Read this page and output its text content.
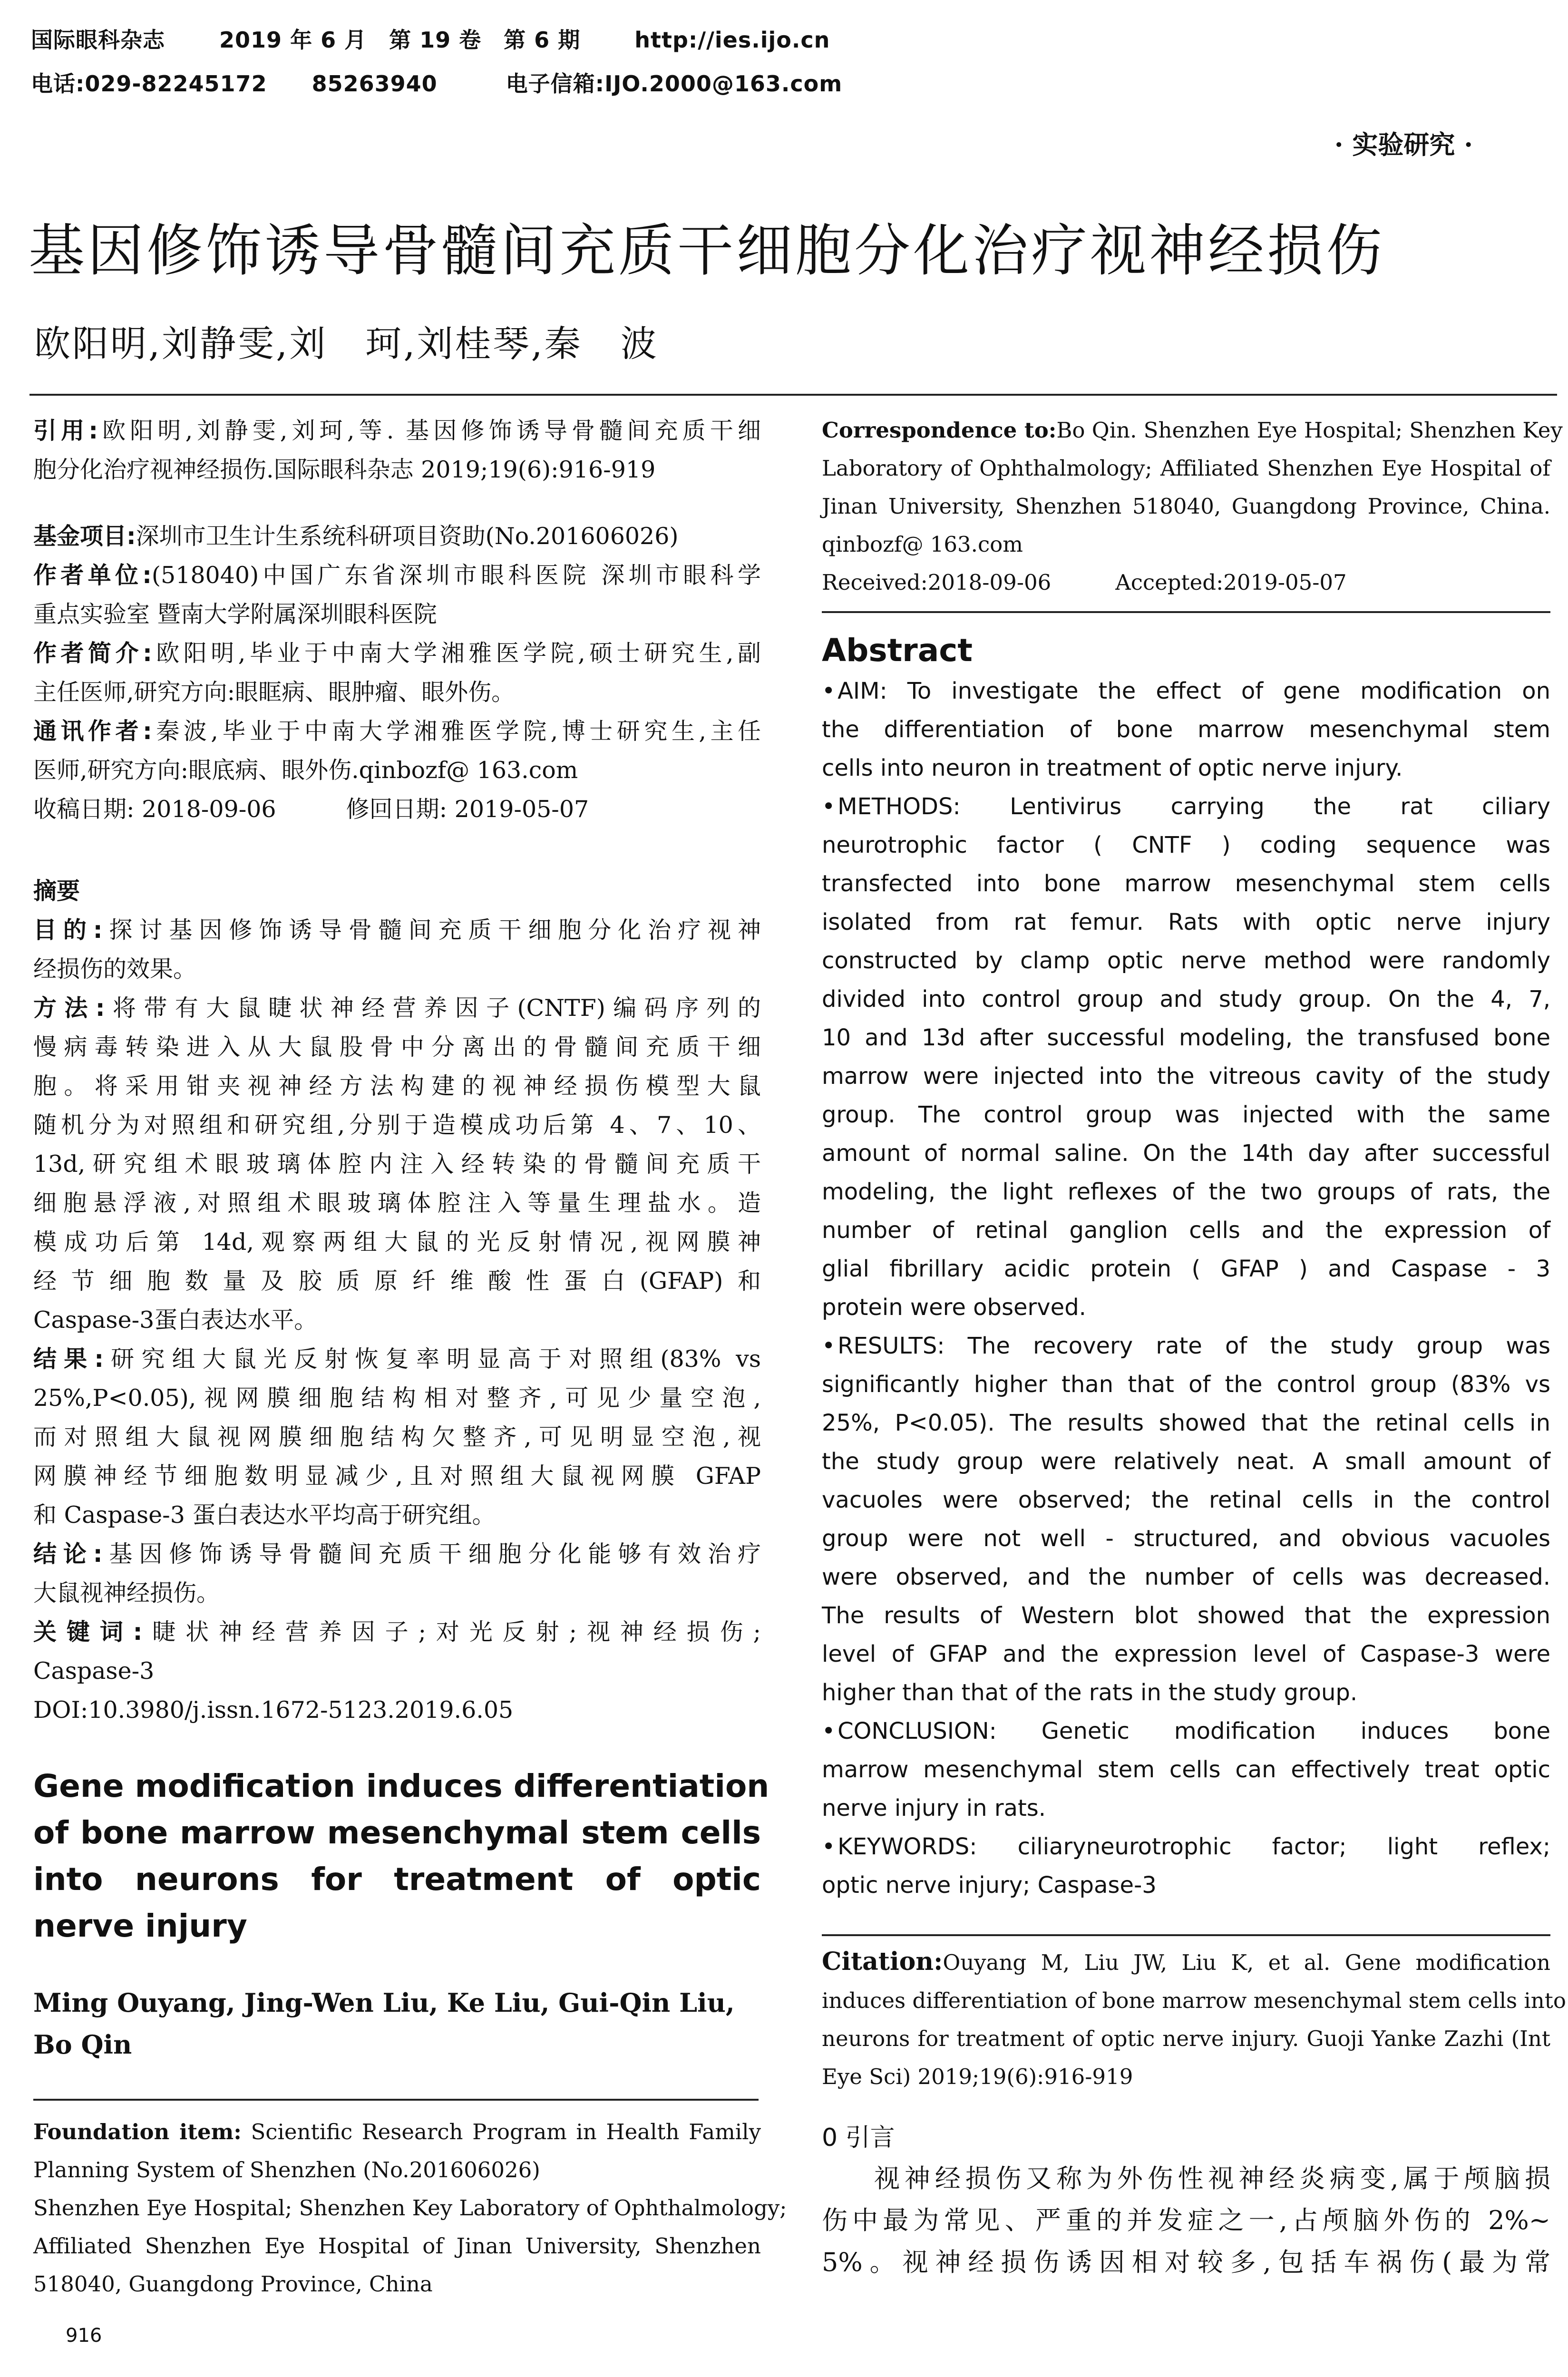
国际眼科杂志 2019 年 6 月　第 19 卷　第 6 期 http://ies.ijo.cn
电话:029-82245172　　85263940	电子信箱:IJO.2000@163.com
· 实验研究 ·
基因修饰诱导骨髓间充质干细胞分化治疗视神经损伤
欧阳明,刘静雯,刘　珂,刘桂琴,秦　波
引用:欧阳明,刘静雯,刘珂,等. 基因修饰诱导骨髓间充质干细
胞分化治疗视神经损伤.国际眼科杂志 2019;19(6):916-919
基金项目:深圳市卫生计生系统科研项目资助(No.201606026)
作者单位:(518040)中国广东省深圳市眼科医院 深圳市眼科学
重点实验室 暨南大学附属深圳眼科医院
作者简介:欧阳明,毕业于中南大学湘雅医学院,硕士研究生,副
主任医师,研究方向:眼眶病、眼肿瘤、眼外伤。
通讯作者:秦波,毕业于中南大学湘雅医学院,博士研究生,主任
医师,研究方向:眼底病、眼外伤.qinbozf@ 163.com
收稿日期: 2018-09-06　　　修回日期: 2019-05-07
摘要
目的:探讨基因修饰诱导骨髓间充质干细胞分化治疗视神
经损伤的效果。
方法:将带有大鼠睫状神经营养因子(CNTF)编码序列的
慢病毒转染进入从大鼠股骨中分离出的骨髓间充质干细
胞。将采用钳夹视神经方法构建的视神经损伤模型大鼠
随机分为对照组和研究组,分别于造模成功后第 4、7、10、
13d,研究组术眼玻璃体腔内注入经转染的骨髓间充质干
细胞悬浮液,对照组术眼玻璃体腔注入等量生理盐水。造
模成功后第 14d,观察两组大鼠的光反射情况,视网膜神
经节细胞数量及胶质原纤维酸性蛋白(GFAP)和
Caspase-3蛋白表达水平。
结果:研究组大鼠光反射恢复率明显高于对照组(83% vs
25%,P<0.05),视网膜细胞结构相对整齐,可见少量空泡,
而对照组大鼠视网膜细胞结构欠整齐,可见明显空泡,视
网膜神经节细胞数明显减少,且对照组大鼠视网膜 GFAP
和 Caspase-3 蛋白表达水平均高于研究组。
结论:基因修饰诱导骨髓间充质干细胞分化能够有效治疗
大鼠视神经损伤。
关键词:睫状神经营养因子;对光反射;视神经损伤;
Caspase-3
DOI:10.3980/j.issn.1672-5123.2019.6.05
Gene modification induces differentiation
of bone marrow mesenchymal stem cells
into neurons for treatment of optic
nerve injury
Ming Ouyang, Jing-Wen Liu, Ke Liu, Gui-Qin Liu,
Bo Qin
Foundation item: Scientific Research Program in Health Family
Planning System of Shenzhen (No.201606026)
Shenzhen Eye Hospital; Shenzhen Key Laboratory of Ophthalmology;
Affiliated Shenzhen Eye Hospital of Jinan University, Shenzhen
518040, Guangdong Province, China
916
Correspondence to:Bo Qin. Shenzhen Eye Hospital; Shenzhen Key
Laboratory of Ophthalmology; Affiliated Shenzhen Eye Hospital of
Jinan University, Shenzhen 518040, Guangdong Province, China.
qinbozf@ 163.com
Received:2018-09-06　　　Accepted:2019-05-07
Abstract
• AIM: To investigate the effect of gene modification on
the differentiation of bone marrow mesenchymal stem
cells into neuron in treatment of optic nerve injury.
• METHODS: Lentivirus carrying the rat ciliary
neurotrophic factor ( CNTF ) coding sequence was
transfected into bone marrow mesenchymal stem cells
isolated from rat femur. Rats with optic nerve injury
constructed by clamp optic nerve method were randomly
divided into control group and study group. On the 4, 7,
10 and 13d after successful modeling, the transfused bone
marrow were injected into the vitreous cavity of the study
group. The control group was injected with the same
amount of normal saline. On the 14th day after successful
modeling, the light reflexes of the two groups of rats, the
number of retinal ganglion cells and the expression of
glial fibrillary acidic protein ( GFAP ) and Caspase - 3
protein were observed.
• RESULTS: The recovery rate of the study group was
significantly higher than that of the control group (83% vs
25%, P<0.05). The results showed that the retinal cells in
the study group were relatively neat. A small amount of
vacuoles were observed; the retinal cells in the control
group were not well - structured, and obvious vacuoles
were observed, and the number of cells was decreased.
The results of Western blot showed that the expression
level of GFAP and the expression level of Caspase-3 were
higher than that of the rats in the study group.
• CONCLUSION: Genetic modification induces bone
marrow mesenchymal stem cells can effectively treat optic
nerve injury in rats.
• KEYWORDS: ciliaryneurotrophic factor; light reflex;
optic nerve injury; Caspase-3
Citation:Ouyang M, Liu JW, Liu K, et al. Gene modification
induces differentiation of bone marrow mesenchymal stem cells into
neurons for treatment of optic nerve injury. Guoji Yanke Zazhi (Int
Eye Sci) 2019;19(6):916-919
0 引言
视神经损伤又称为外伤性视神经炎病变,属于颅脑损
伤中最为常见、严重的并发症之一,占颅脑外伤的 2%~
5%。视神经损伤诱因相对较多,包括车祸伤(最为常
